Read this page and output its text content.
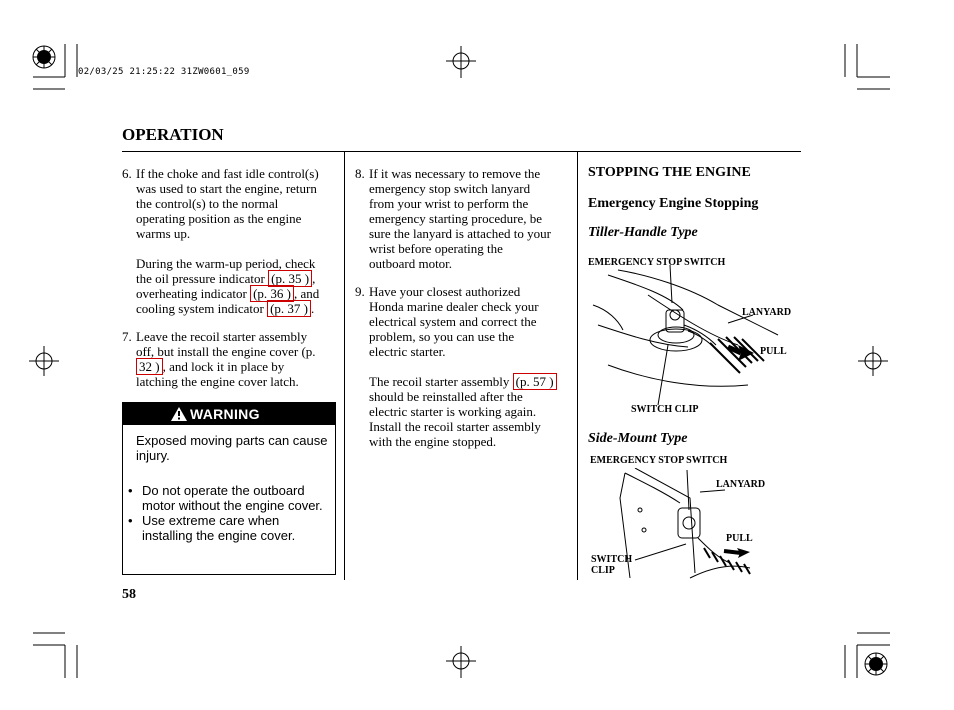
02/03/25 21:25:22 31ZW0601_059
OPERATION
6. If the choke and fast idle control(s)
was used to start the engine, return
the control(s) to the normal
operating position as the engine
warms up.
During the warm-up period, check
the oil pressure indicator (p. 35 ) ,
overheating indicator (p. 36 ) , and
cooling system indicator (p. 37 ) .
7. Leave the recoil starter assembly
off, but install the engine cover (p.
32 ) , and lock it in place by
latching the engine cover latch.
WARNING
Exposed moving parts can cause injury.
• Do not operate the outboard motor without the engine cover.
• Use extreme care when installing the engine cover.
8. If it was necessary to remove the
emergency stop switch lanyard
from your wrist to perform the
emergency starting procedure, be
sure the lanyard is attached to your
wrist before operating the
outboard motor.
9. Have your closest authorized
Honda marine dealer check your
electrical system and correct the
problem, so you can use the
electric starter.
The recoil starter assembly (p. 57 )
should be reinstalled after the
electric starter is working again.
Install the recoil starter assembly
with the engine stopped.
STOPPING THE ENGINE
Emergency Engine Stopping
Tiller-Handle Type
EMERGENCY STOP SWITCH
LANYARD
PULL
SWITCH CLIP
Side-Mount Type
EMERGENCY STOP SWITCH
LANYARD
PULL
SWITCH
CLIP
58
